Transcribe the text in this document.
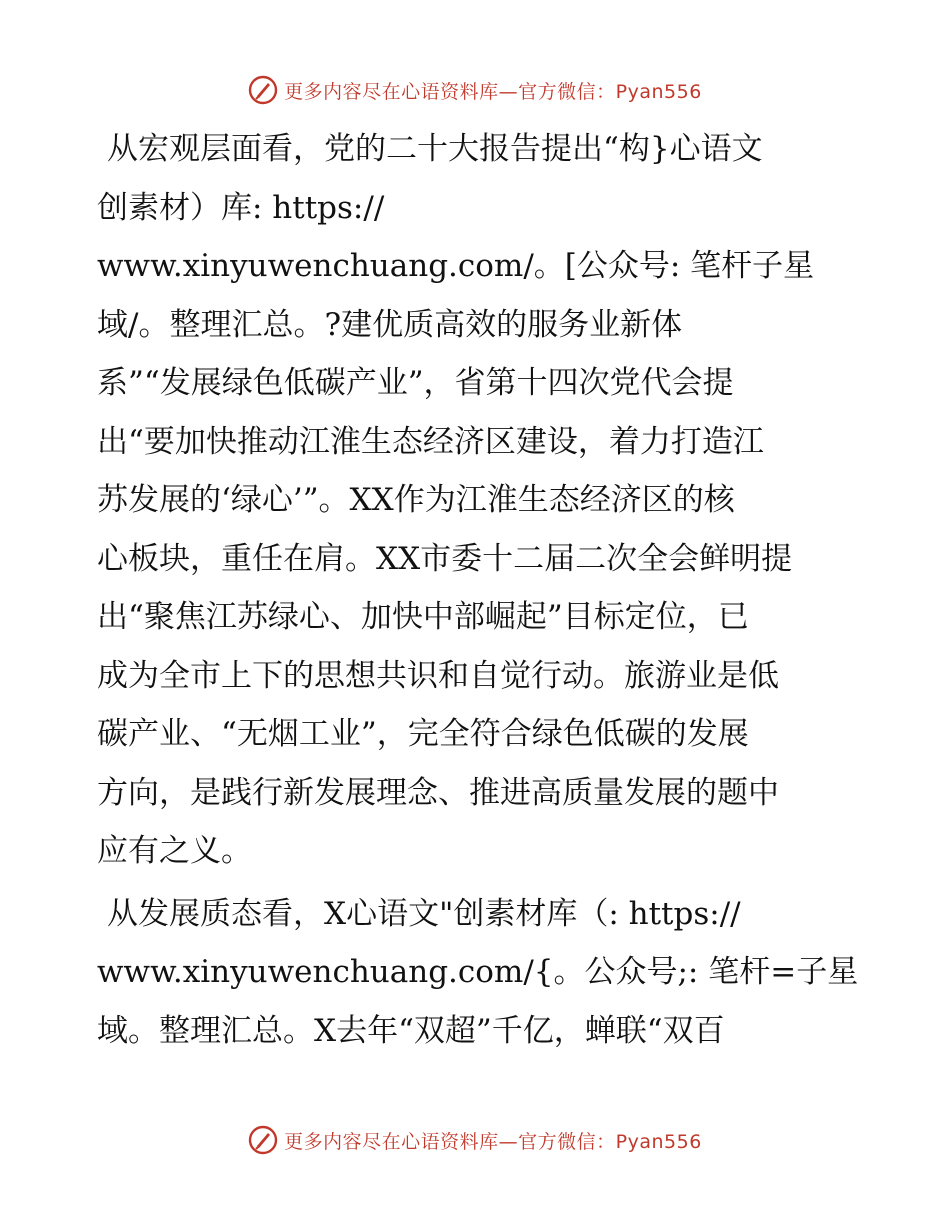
更多内容尽在心语资料库—官方微信：Pyan556

从宏观层面看，党的二十大报告提出“构}心语文
创素材）库: https://
www.xinyuwenchuang.com/。[公众号: 笔杆子星
域/。整理汇总。?建优质高效的服务业新体
系”“发展绿色低碳产业”，省第十四次党代会提
出“要加快推动江淮生态经济区建设，着力打造江
苏发展的‘绿心’”。XX作为江淮生态经济区的核
心板块，重任在肩。XX市委十二届二次全会鲜明提
出“聚焦江苏绿心、加快中部崛起”目标定位，已
成为全市上下的思想共识和自觉行动。旅游业是低
碳产业、“无烟工业”，完全符合绿色低碳的发展
方向，是践行新发展理念、推进高质量发展的题中
应有之义。

从发展质态看，X心语文"创素材库（: https://
www.xinyuwenchuang.com/{。公众号;: 笔杆=子星
域。整理汇总。X去年“双超”千亿，蝉联“双百

更多内容尽在心语资料库—官方微信：Pyan556
